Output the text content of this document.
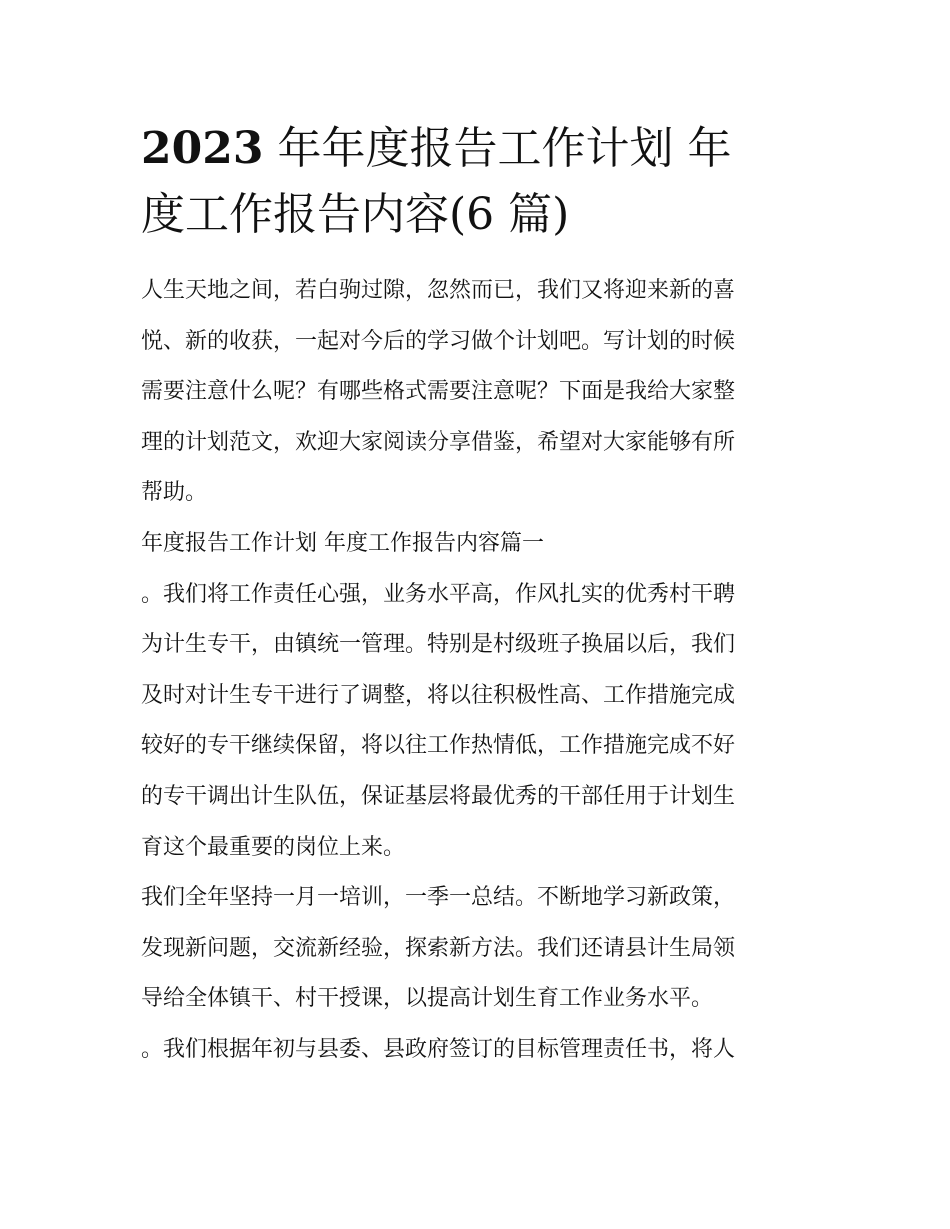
2023 年年度报告工作计划 年
度工作报告内容(6 篇)

人生天地之间，若白驹过隙，忽然而已，我们又将迎来新的喜
悦、新的收获，一起对今后的学习做个计划吧。写计划的时候
需要注意什么呢？有哪些格式需要注意呢？下面是我给大家整
理的计划范文，欢迎大家阅读分享借鉴，希望对大家能够有所
帮助。

年度报告工作计划 年度工作报告内容篇一

。我们将工作责任心强，业务水平高，作风扎实的优秀村干聘
为计生专干，由镇统一管理。特别是村级班子换届以后，我们
及时对计生专干进行了调整，将以往积极性高、工作措施完成
较好的专干继续保留，将以往工作热情低，工作措施完成不好
的专干调出计生队伍，保证基层将最优秀的干部任用于计划生
育这个最重要的岗位上来。

我们全年坚持一月一培训，一季一总结。不断地学习新政策，
发现新问题，交流新经验，探索新方法。我们还请县计生局领
导给全体镇干、村干授课，以提高计划生育工作业务水平。

。我们根据年初与县委、县政府签订的目标管理责任书，将人
